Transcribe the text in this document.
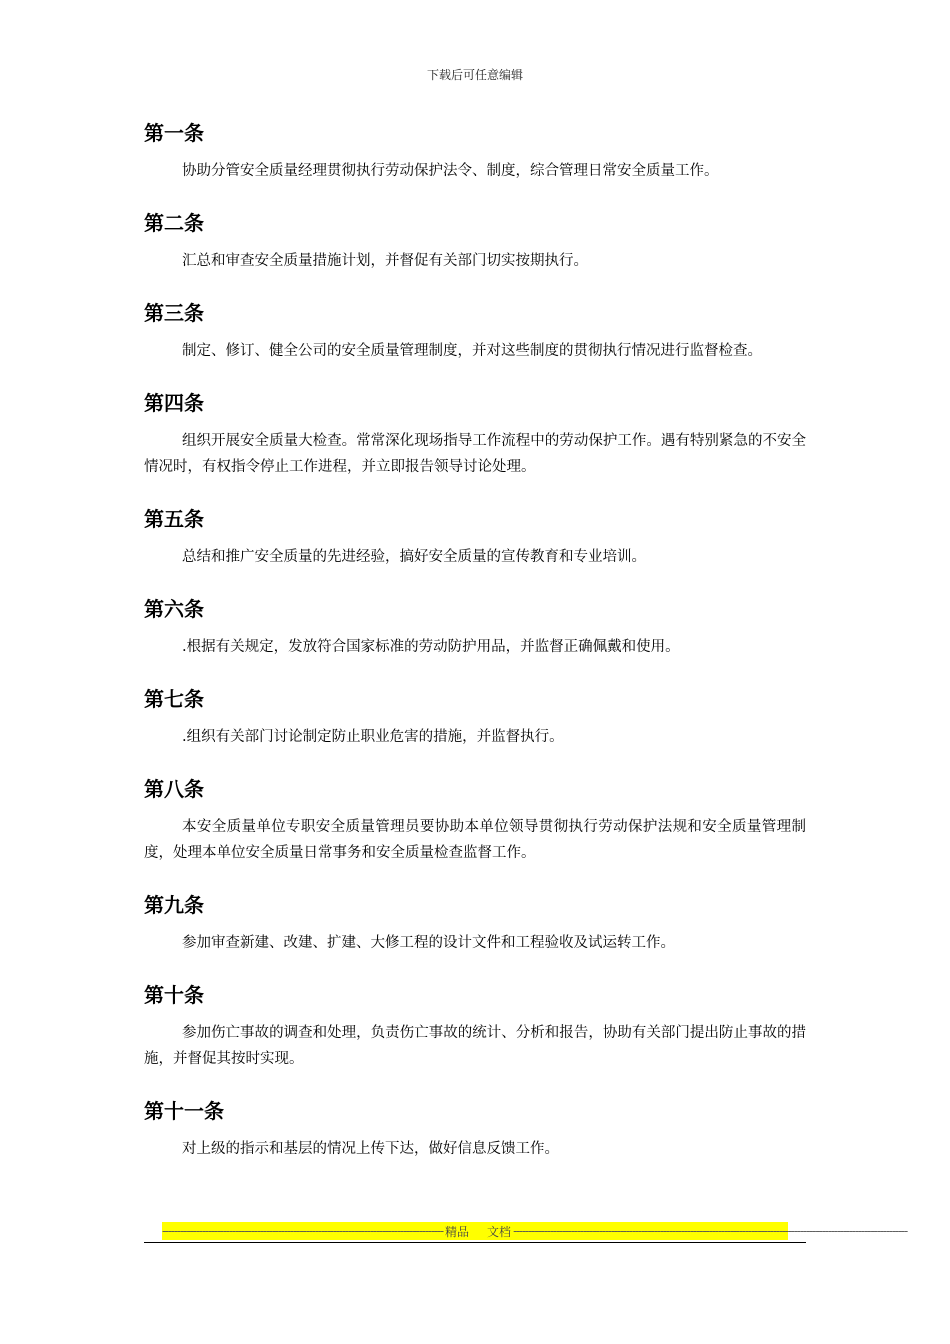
下载后可任意编辑
第一条

协助分管安全质量经理贯彻执行劳动保护法令、制度，综合管理日常安全质量工作。

第二条

汇总和审查安全质量措施计划，并督促有关部门切实按期执行。

第三条

制定、修订、健全公司的安全质量管理制度，并对这些制度的贯彻执行情况进行监督检查。

第四条

组织开展安全质量大检查。常常深化现场指导工作流程中的劳动保护工作。遇有特别紧急的不安全情况时，有权指令停止工作进程，并立即报告领导讨论处理。

第五条

总结和推广安全质量的先进经验，搞好安全质量的宣传教育和专业培训。

第六条

.根据有关规定，发放符合国家标准的劳动防护用品，并监督正确佩戴和使用。

第七条

.组织有关部门讨论制定防止职业危害的措施，并监督执行。

第八条

本安全质量单位专职安全质量管理员要协助本单位领导贯彻执行劳动保护法规和安全质量管理制度，处理本单位安全质量日常事务和安全质量检查监督工作。

第九条

参加审查新建、改建、扩建、大修工程的设计文件和工程验收及试运转工作。

第十条

参加伤亡事故的调查和处理，负责伤亡事故的统计、分析和报告，协助有关部门提出防止事故的措施，并督促其按时实现。

第十一条

对上级的指示和基层的情况上传下达，做好信息反馈工作。

-------------------------------------------------------------------------------------------- 精品	文档 ---------------------------------------------------------------------------------------------------------------------------------
